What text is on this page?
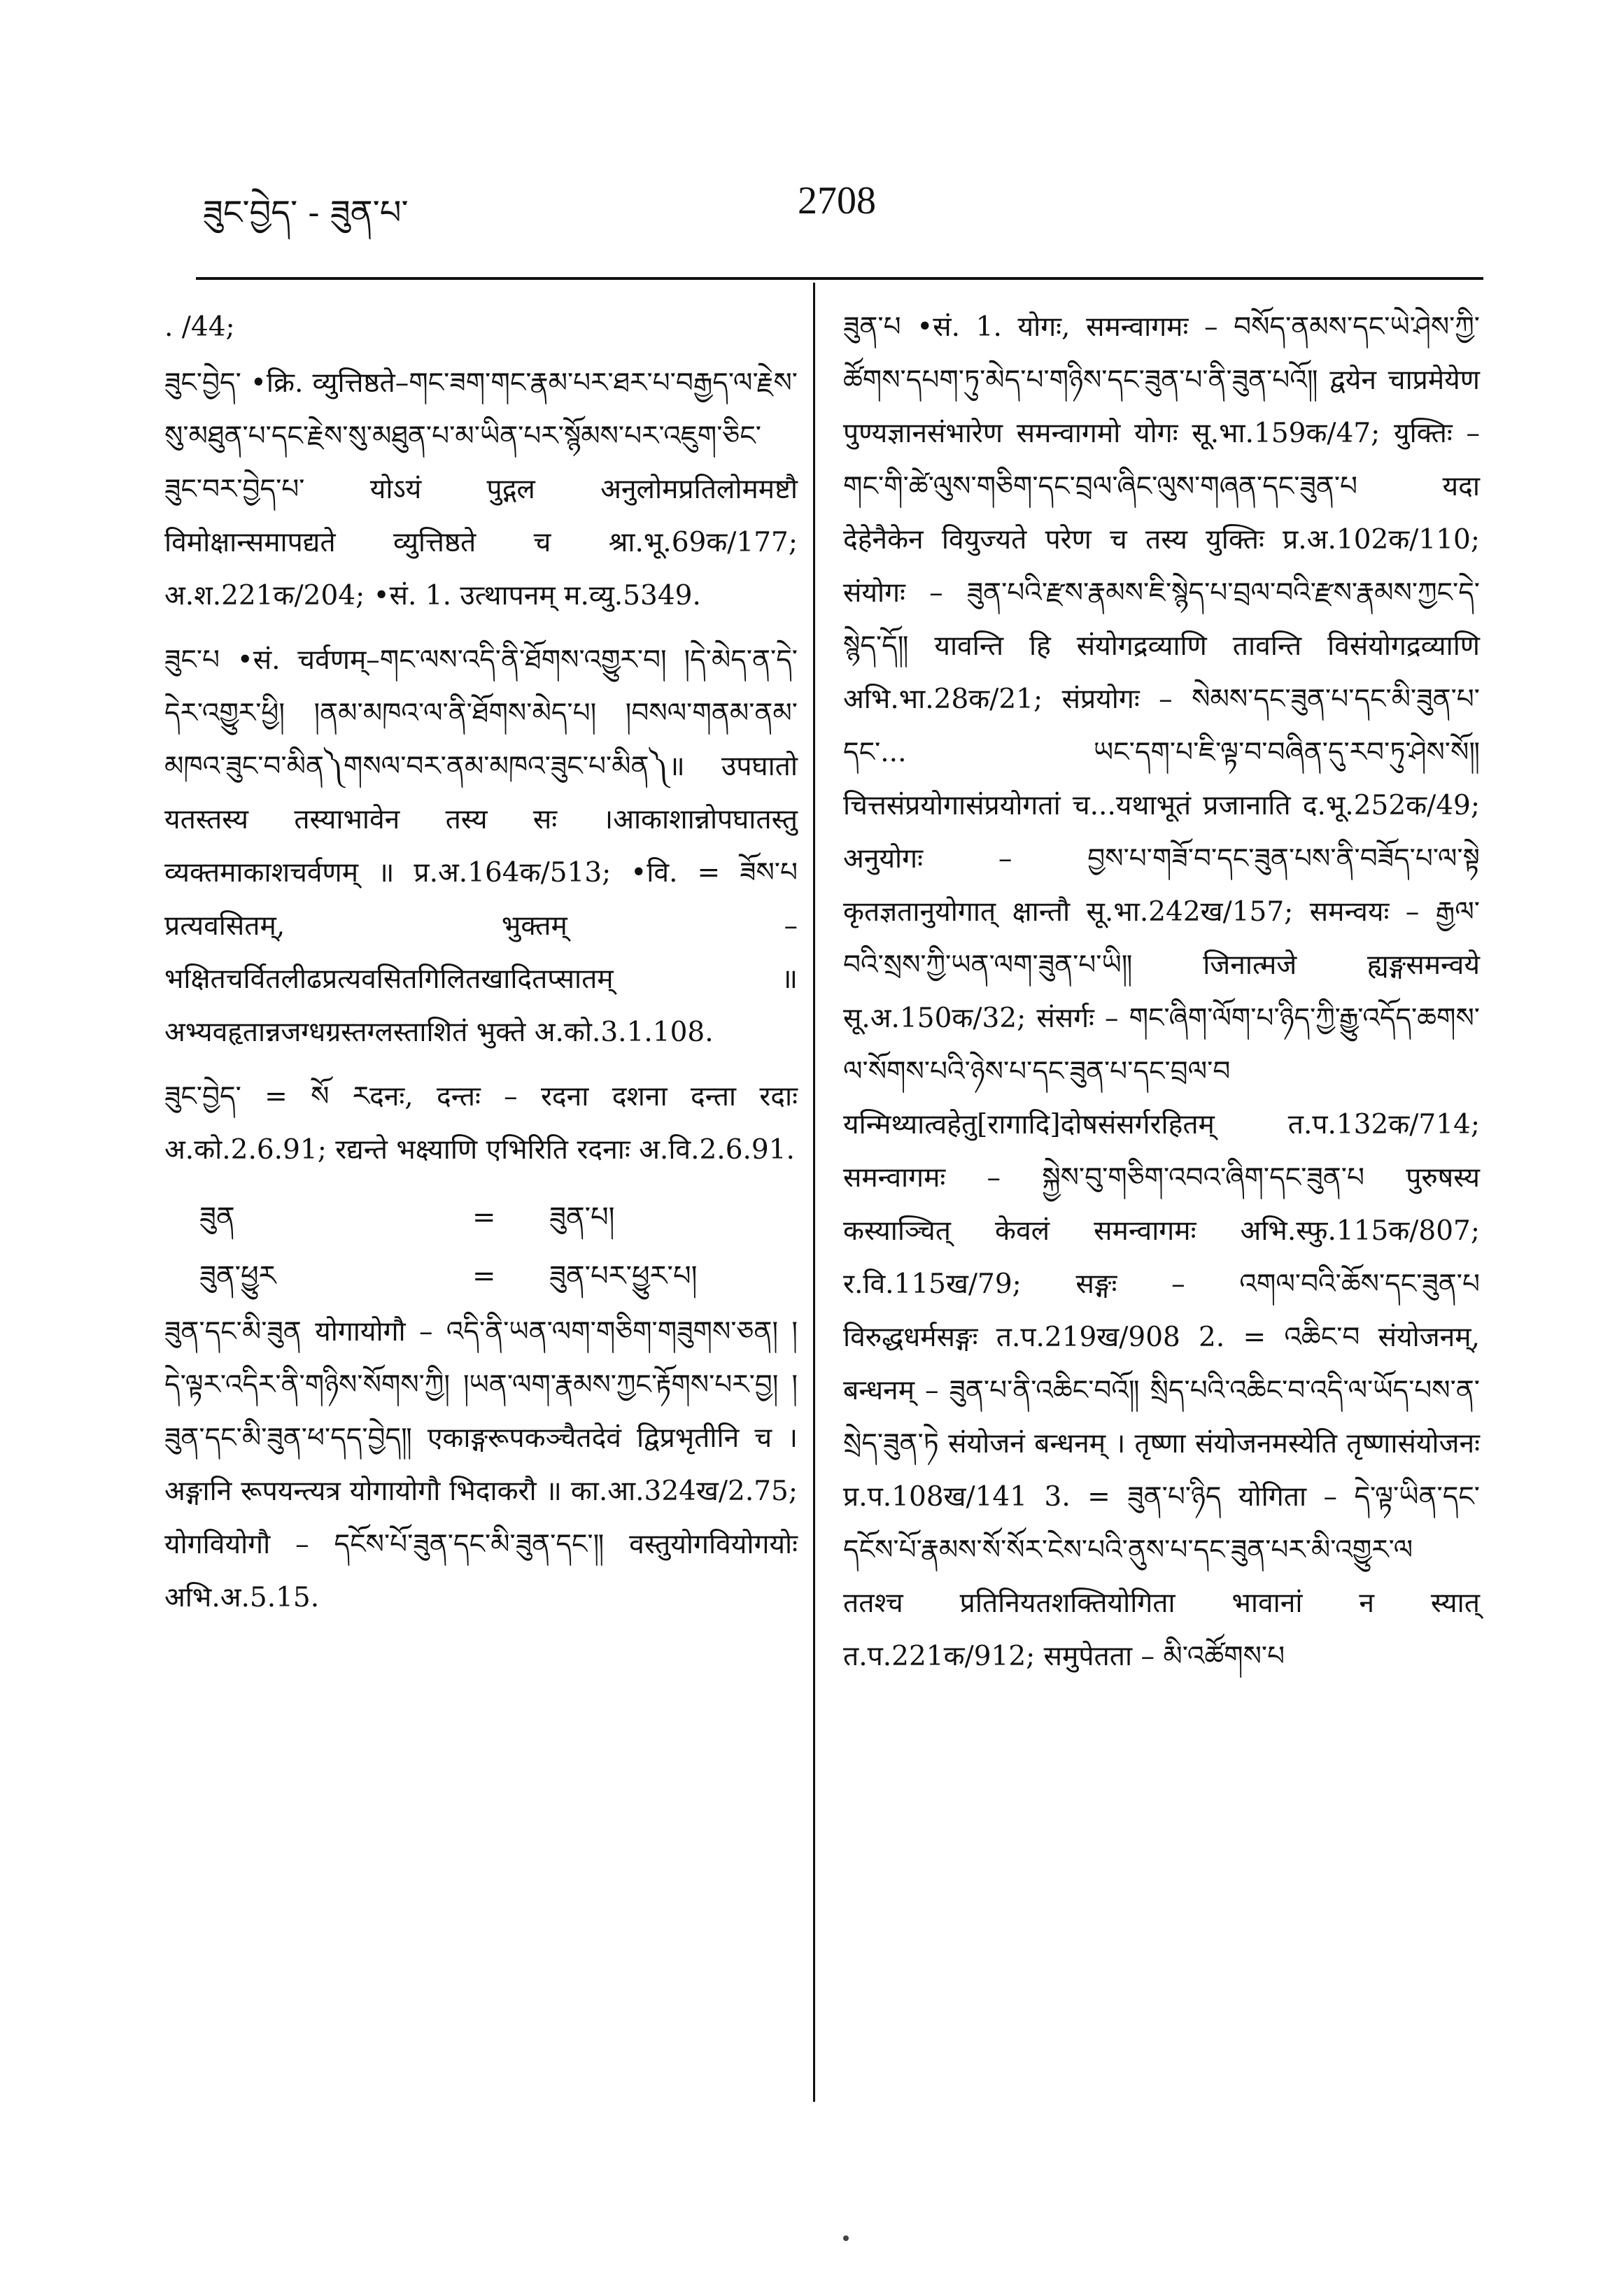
ཟུང་བྱེད་ - ཟུན་པ་	2708

. /44;

ཟུང་བྱེད་ •क्रि. व्युत्तिष्ठते–གང་ཟག་གང་རྣམ་པར་ཐར་པ་བརྒྱད་ལ་རྗེས་སུ་མཐུན་པ་དང་རྗེས་སུ་མཐུན་པ་མ་ཡིན་པར་སྙོམས་པར་འཇུག་ཅིང་ཟུང་བར་བྱེད་པ་ योऽयं पुद्गल अनुलोमप्रतिलोममष्टौ विमोक्षान्समापद्यते व्युत्तिष्ठते च श्रा.भू.69क/177; अ.श.221क/204; •सं. 1. उत्थापनम् म.व्यु.5349.

ཟུང་པ •सं. चर्वणम्–གང་ལས་འདི་ནི་ཐོགས་འགྱུར་བ། །དེ་མེད་ན་དེ་དེར་འགྱུར་ཕྱི། །ནམ་མཁའ་ལ་ནི་ཐོགས་མེད་པ། །བསལ་གནམ་ནམ་མཁའ་ཟུང་བ་མིན༽གསལ་བར་ནམ་མཁའ་ཟུང་པ་མིན༽॥ उपघातो यतस्तस्य तस्याभावेन तस्य सः ।आकाशान्नोपघातस्तु व्यक्तमाकाशचर्वणम् ॥ प्र.अ.164क/513; •वि. = ཟོས་པ प्रत्यवसितम्, भुक्तम् – भक्षितचर्वितलीढप्रत्यवसितगिलितखादितप्सातम् ॥ अभ्यवहृतान्नजग्धग्रस्तग्लस्ताशितं भुक्ते अ.को.3.1.108.

ཟུང་བྱེད་ = སོ རदनः, दन्तः – रदना दशना दन्ता रदाः अ.को.2.6.91; रद्यन्ते भक्ष्याणि एभिरिति रदनाः अ.वि.2.6.91.

ཟུན	=	ཟུན་པ།
ཟུན་ཕྱུར	=	ཟུན་པར་ཕྱུར་པ།

ཟུན་དང་མི་ཟུན योगायोगौ – འདི་ནི་ཡན་ལག་གཅིག་གཟུགས་ཅན། །དེ་ལྟར་འདིར་ནི་གཉིས་སོགས་ཀྱི། །ཡན་ལག་རྣམས་ཀྱང་རྟོགས་པར་བྱ། །ཟུན་དང་མི་ཟུན་ཕ་དད་བྱེད༎ एकाङ्गरूपकञ्चैतदेवं द्विप्रभृतीनि च । अङ्गानि रूपयन्त्यत्र योगायोगौ भिदाकरौ ॥ का.आ.324ख/2.75; योगवियोगौ – དངོས་པོ་ཟུན་དང་མི་ཟུན་དང་༎ वस्तुयोगवियोगयोः अभि.अ.5.15.

ཟུན་པ •सं. 1. योगः, समन्वागमः – བསོད་ནམས་དང་ཡེ་ཤེས་ཀྱི་ཚོགས་དཔག་ཏུ་མེད་པ་གཉིས་དང་ཟུན་པ་ནི་ཟུན་པའོ༎ द्वयेन चाप्रमेयेण पुण्यज्ञानसंभारेण समन्वागमो योगः सू.भा.159क/47; युक्तिः – གང་གི་ཚེ་ལུས་གཅིག་དང་བྲལ་ཞིང་ལུས་གཞན་དང་ཟུན་པ यदा देहेनैकेन वियुज्यते परेण च तस्य युक्तिः प्र.अ.102क/110; संयोगः – ཟུན་པའི་རྫས་རྣམས་ཇི་སྙེད་པ་བྲལ་བའི་རྫས་རྣམས་ཀྱང་དེ་སྙེད་དོ༎ यावन्ति हि संयोगद्रव्याणि तावन्ति विसंयोगद्रव्याणि अभि.भा.28क/21; संप्रयोगः – སེམས་དང་ཟུན་པ་དང་མི་ཟུན་པ་དང་... ཡང་དག་པ་ཇི་ལྟ་བ་བཞིན་དུ་རབ་ཏུ་ཤེས་སོ༎ चित्तसंप्रयोगासंप्रयोगतां च...यथाभूतं प्रजानाति द.भू.252क/49; अनुयोगः – བྱས་པ་གཟོ་བ་དང་ཟུན་པས་ནི་བཟོད་པ་ལ་སྟེ कृतज्ञतानुयोगात् क्षान्तौ सू.भा.242ख/157; समन्वयः – རྒྱལ་བའི་སྲས་ཀྱི་ཡན་ལག་ཟུན་པ་ཡི༎ जिनात्मजे ह्यङ्गसमन्वये सू.अ.150क/32; संसर्गः – གང་ཞིག་ལོག་པ་ཉིད་ཀྱི་རྒྱུ་འདོད་ཆགས་ལ་སོགས་པའི་ཉེས་པ་དང་ཟུན་པ་དང་བྲལ་བ यन्मिथ्यात्वहेतु[रागादि]दोषसंसर्गरहितम् त.प.132क/714; समन्वागमः – སྐྱེས་བུ་གཅིག་འབའ་ཞིག་དང་ཟུན་པ पुरुषस्य कस्याञ्चित् केवलं समन्वागमः अभि.स्फु.115क/807; र.वि.115ख/79; सङ्गः – འགལ་བའི་ཆོས་དང་ཟུན་པ विरुद्धधर्मसङ्गः त.प.219ख/908 2. = འཆིང་བ संयोजनम्, बन्धनम् – ཟུན་པ་ནི་འཆིང་བའོ༎ སྲིད་པའི་འཆིང་བ་འདི་ལ་ཡོད་པས་ན་སྲེད་ཟུན་ཏེ संयोजनं बन्धनम् । तृष्णा संयोजनमस्येति तृष्णासंयोजनः प्र.प.108ख/141 3. = ཟུན་པ་ཉིད योगिता – དེ་ལྟ་ཡིན་དང་དངོས་པོ་རྣམས་སོ་སོར་ངེས་པའི་ནུས་པ་དང་ཟུན་པར་མི་འགྱུར་ལ ततश्च प्रतिनियतशक्तियोगिता भावानां न स्यात् त.प.221क/912; समुपेतता – མི་འཚོགས་པ
